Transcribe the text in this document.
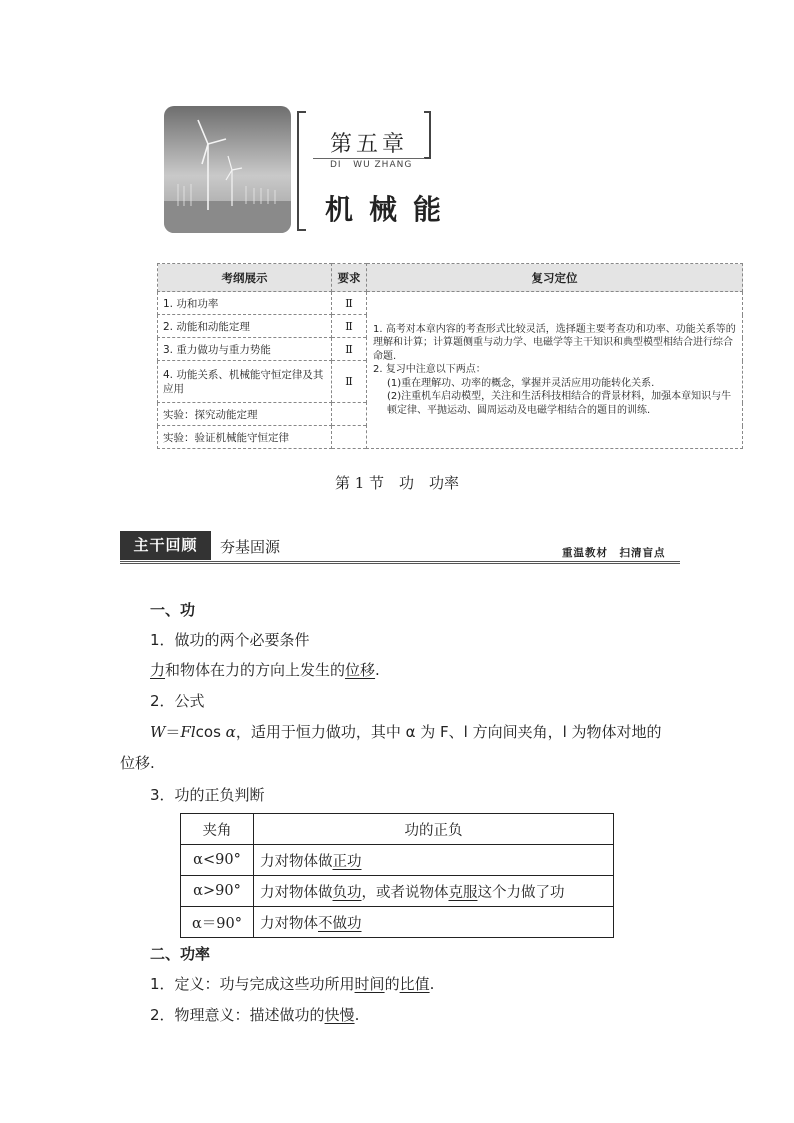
第五章
DI   WU ZHANG
机械能
考纲展示	要求	复习定位
1. 功和功率	Ⅱ	1. 高考对本章内容的考查形式比较灵活，选择题主要考查功和功率、功能关系等的理解和计算；计算题侧重与动力学、电磁学等主干知识和典型模型相结合进行综合命题.

2. 复习中注意以下两点：

(1)重在理解功、功率的概念，掌握并灵活应用功能转化关系.

(2)注重机车启动模型，关注和生活科技相结合的背景材料，加强本章知识与牛顿定律、平抛运动、圆周运动及电磁学相结合的题目的训练.

2. 动能和动能定理	Ⅱ	
3. 重力做功与重力势能	Ⅱ	
4. 功能关系、机械能守恒定律及其应用	Ⅱ	
实验：探究动能定理		
实验：验证机械能守恒定律		
第 1 节　功　功率
主干回顾	夯基固源	重温教材　扫清盲点
一、功
1．做功的两个必要条件
力和物体在力的方向上发生的位移.
2．公式
W＝Flcos α，适用于恒力做功，其中 α 为 F、l 方向间夹角，l 为物体对地的
位移.
3．功的正负判断
夹角	功的正负
α<90°	力对物体做正功
α>90°	力对物体做负功，或者说物体克服这个力做了功
α＝90°	力对物体不做功
二、功率
1．定义：功与完成这些功所用时间的比值.
2．物理意义：描述做功的快慢.
